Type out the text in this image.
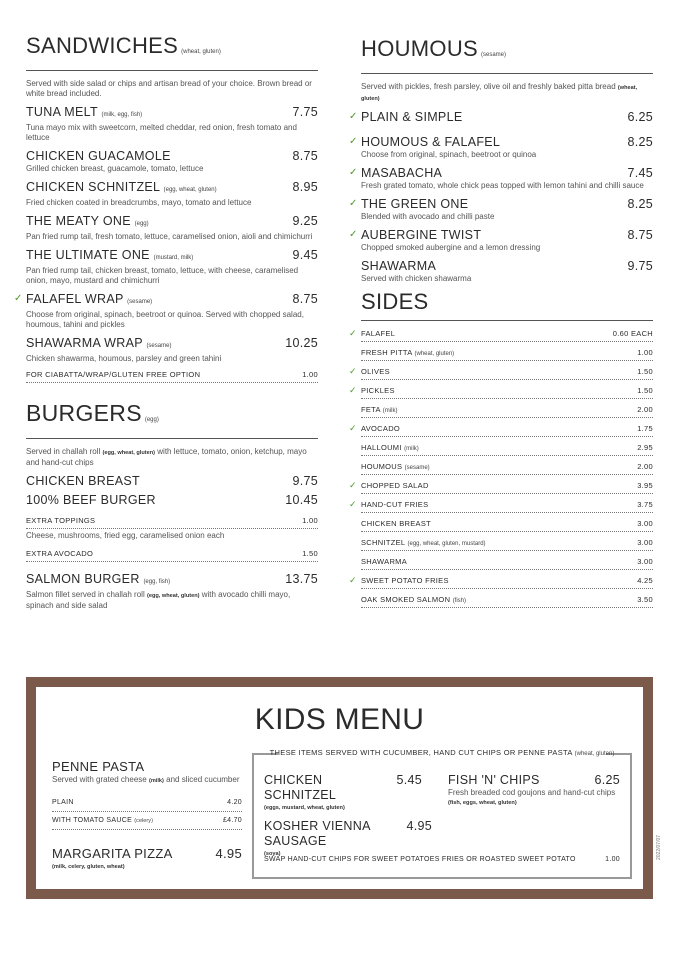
SANDWICHES (wheat, gluten)
Served with side salad or chips and artisan bread of your choice. Brown bread or white bread included.
TUNA MELT (milk, egg, fish)	7.75
Tuna mayo mix with sweetcorn, melted cheddar, red onion, fresh tomato and lettuce
CHICKEN GUACAMOLE	8.75
Grilled chicken breast, guacamole, tomato, lettuce
CHICKEN SCHNITZEL (egg, wheat, gluten)	8.95
Fried chicken coated in breadcrumbs, mayo, tomato and lettuce
THE MEATY ONE (egg)	9.25
Pan fried rump tail, fresh tomato, lettuce, caramelised onion, aioli and chimichurri
THE ULTIMATE ONE (mustard, milk)	9.45
Pan fried rump tail, chicken breast, tomato, lettuce, with cheese, caramelised onion, mayo, mustard and chimichurri
✓ FALAFEL WRAP (sesame)	8.75
Choose from original, spinach, beetroot or quinoa. Served with chopped salad, houmous, tahini and pickles
SHAWARMA WRAP (sesame)	10.25
Chicken shawarma, houmous, parsley and green tahini
FOR CIABATTA/WRAP/GLUTEN FREE OPTION	1.00
BURGERS (egg)
Served in challah roll (egg, wheat, gluten) with lettuce, tomato, onion, ketchup, mayo and hand-cut chips
CHICKEN BREAST	9.75
100% BEEF BURGER	10.45
EXTRA TOPPINGS	1.00
Cheese, mushrooms, fried egg, caramelised onion each
EXTRA AVOCADO	1.50
SALMON BURGER (egg, fish)	13.75
Salmon fillet served in challah roll (egg, wheat, gluten) with avocado chilli mayo, spinach and side salad
HOUMOUS (sesame)
Served with pickles, fresh parsley, olive oil and freshly baked pitta bread (wheat, gluten)
✓ PLAIN & SIMPLE	6.25
✓ HOUMOUS & FALAFEL	8.25
Choose from original, spinach, beetroot or quinoa
✓ MASABACHA	7.45
Fresh grated tomato, whole chick peas topped with lemon tahini and chilli sauce
✓ THE GREEN ONE	8.25
Blended with avocado and chilli paste
✓ AUBERGINE TWIST	8.75
Chopped smoked aubergine and a lemon dressing
SHAWARMA	9.75
Served with chicken shawarma
SIDES
✓ FALAFEL	0.60 EACH
FRESH PITTA (wheat, gluten)	1.00
✓ OLIVES	1.50
✓ PICKLES	1.50
FETA (milk)	2.00
✓ AVOCADO	1.75
HALLOUMI (milk)	2.95
HOUMOUS (sesame)	2.00
✓ CHOPPED SALAD	3.95
✓ HAND-CUT FRIES	3.75
CHICKEN BREAST	3.00
SCHNITZEL (egg, wheat, gluten, mustard)	3.00
SHAWARMA	3.00
✓ SWEET POTATO FRIES	4.25
OAK SMOKED SALMON (fish)	3.50
KIDS MENU
PENNE PASTA
Served with grated cheese (milk) and sliced cucumber
PLAIN	4.20
WITH TOMATO SAUCE (celery)	£4.70
MARGARITA PIZZA	4.95
(milk, celery, gluten, wheat)
THESE ITEMS SERVED WITH CUCUMBER, HAND CUT CHIPS OR PENNE PASTA (wheat, gluten)
CHICKEN SCHNITZEL
5.45
(eggs, mustard, wheat, gluten)
KOSHER VIENNA SAUSAGE
4.95
(soya)
FISH 'N' CHIPS	6.25
Fresh breaded cod goujons and hand-cut chips
(fish, eggs, wheat, gluten)
SWAP HAND-CUT CHIPS FOR SWEET POTATOES FRIES OR ROASTED SWEET POTATO	1.00	2022/07/07
